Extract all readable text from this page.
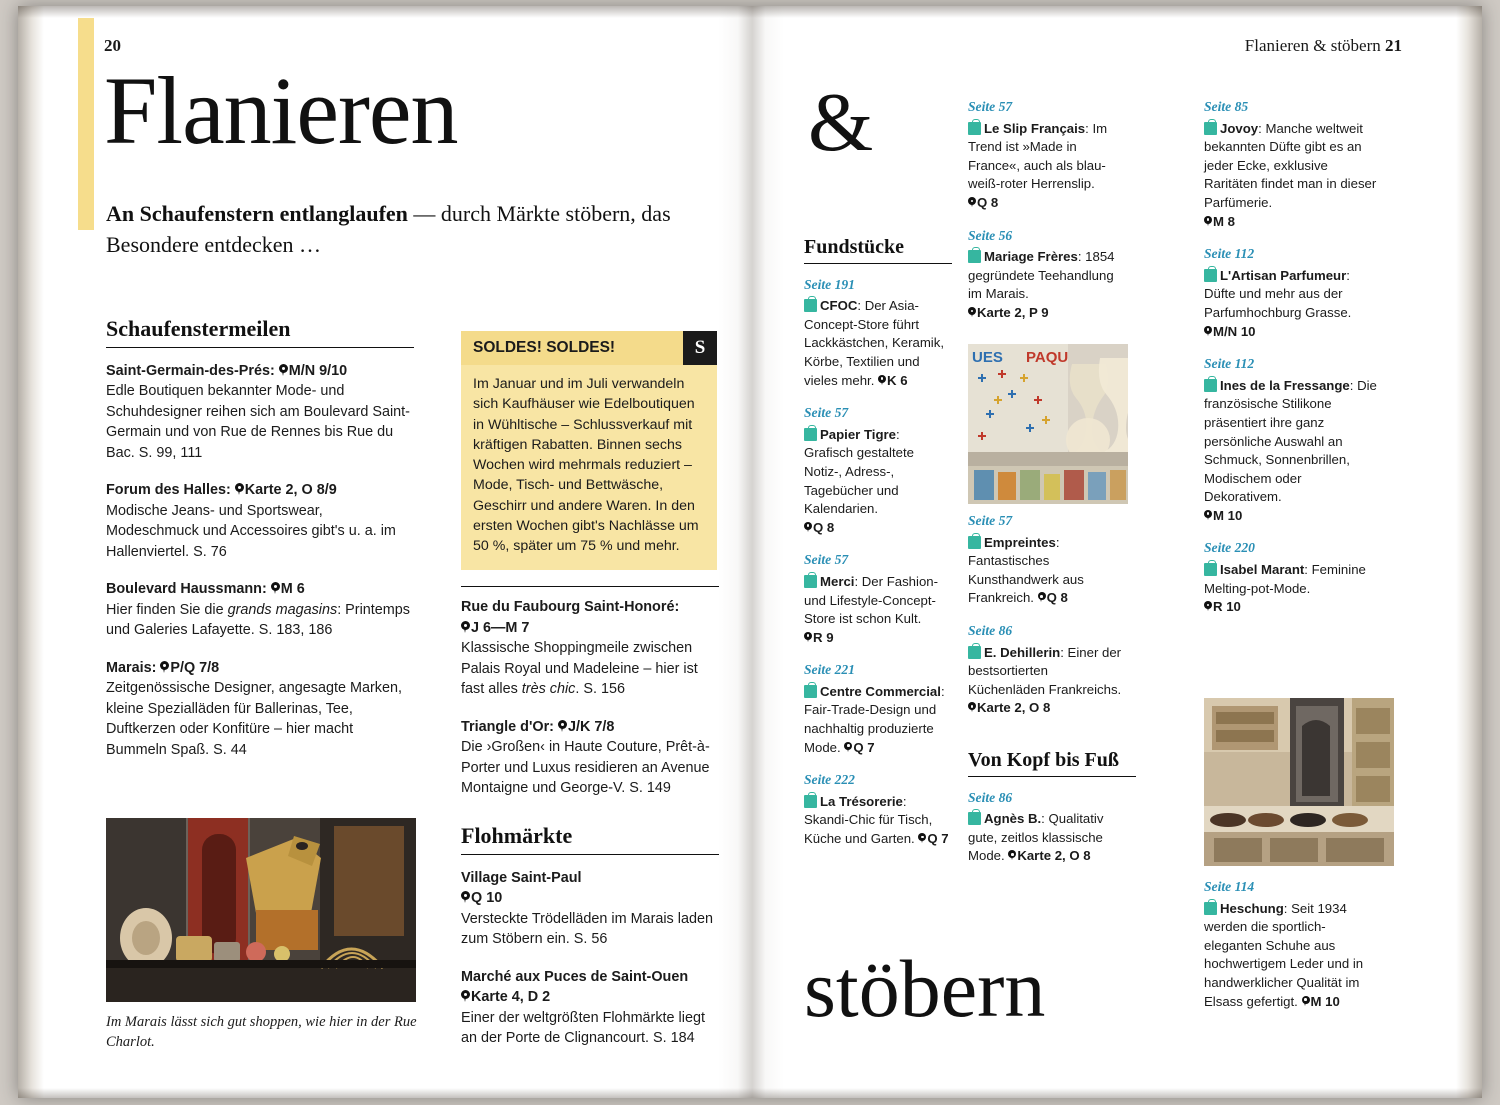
20	Flanieren & stöbern 21
Flanieren
An Schaufenstern entlanglaufen — durch Märkte stöbern, das Besondere entdecken …
Schaufenstermeilen
Saint-Germain-des-Prés: M/N 9/10
Edle Boutiquen bekannter Mode- und Schuhdesigner reihen sich am Boulevard Saint-Germain und von Rue de Rennes bis Rue du Bac. S. 99, 111
Forum des Halles: Karte 2, O 8/9
Modische Jeans- und Sportswear, Modeschmuck und Accessoires gibt's u. a. im Hallenviertel. S. 76
Boulevard Haussmann: M 6
Hier finden Sie die grands magasins: Printemps und Galeries Lafayette. S. 183, 186
Marais: P/Q 7/8
Zeitgenössische Designer, angesagte Marken, kleine Spezialläden für Ballerinas, Tee, Duftkerzen oder Konfitüre – hier macht Bummeln Spaß. S. 44
Im Marais lässt sich gut shoppen, wie hier in der Rue Charlot.
SOLDES! SOLDES!	S
Im Januar und im Juli verwandeln sich Kaufhäuser wie Edelboutiquen in Wühltische – Schlussverkauf mit kräftigen Rabatten. Binnen sechs Wochen wird mehrmals reduziert – Mode, Tisch- und Bettwäsche, Geschirr und andere Waren. In den ersten Wochen gibt's Nachlässe um 50 %, später um 75 % und mehr.
Rue du Faubourg Saint-Honoré:

J 6—M 7
Klassische Shoppingmeile zwischen Palais Royal und Madeleine – hier ist fast alles très chic. S. 156
Triangle d'Or: J/K 7/8
Die ›Großen‹ in Haute Couture, Prêt-à-Porter und Luxus residieren an Avenue Montaigne und George-V. S. 149
Flohmärkte
Village Saint-Paul

Q 10
Versteckte Trödelläden im Marais laden zum Stöbern ein. S. 56
Marché aux Puces de Saint-Ouen

Karte 4, D 2
Einer der weltgrößten Flohmärkte liegt an der Porte de Clignancourt. S. 184
&
stöbern
Fundstücke
Seite 191
CFOC: Der Asia-Concept-Store führt Lackkästchen, Keramik, Körbe, Textilien und vieles mehr. K 6
Seite 57
Papier Tigre: Grafisch gestaltete Notiz-, Adress-, Tagebücher und Kalendarien.

Q 8
Seite 57
Merci: Der Fashion- und Lifestyle-Concept-Store ist schon Kult.

R 9
Seite 221
Centre Commercial: Fair-Trade-Design und nachhaltig produzierte Mode. Q 7
Seite 222
La Trésorerie: Skandi-Chic für Tisch, Küche und Garten. Q 7
Seite 57
Le Slip Français: Im Trend ist »Made in France«, auch als blau-weiß-roter Herrenslip.

Q 8
Seite 56
Mariage Frères: 1854 gegründete Teehandlung im Marais.

Karte 2, P 9
UES PAQU
Seite 57
Empreintes: Fantastisches Kunsthandwerk aus Frankreich. Q 8
Seite 86
E. Dehillerin: Einer der bestsortierten Küchenläden Frankreichs.

Karte 2, O 8
Von Kopf bis Fuß
Seite 86
Agnès B.: Qualitativ gute, zeitlos klassische Mode. Karte 2, O 8
Seite 85
Jovoy: Manche weltweit bekannten Düfte gibt es an jeder Ecke, exklusive Raritäten findet man in dieser Parfümerie.

M 8
Seite 112
L'Artisan Parfumeur: Düfte und mehr aus der Parfumhochburg Grasse.

M/N 10
Seite 112
Ines de la Fressange: Die französische Stilikone präsentiert ihre ganz persönliche Auswahl an Schmuck, Sonnenbrillen, Modischem oder Dekorativem.

M 10
Seite 220
Isabel Marant: Feminine Melting-pot-Mode.

R 10
Seite 114
Heschung: Seit 1934 werden die sportlich-eleganten Schuhe aus hochwertigem Leder und in handwerklicher Qualität im Elsass gefertigt. M 10
